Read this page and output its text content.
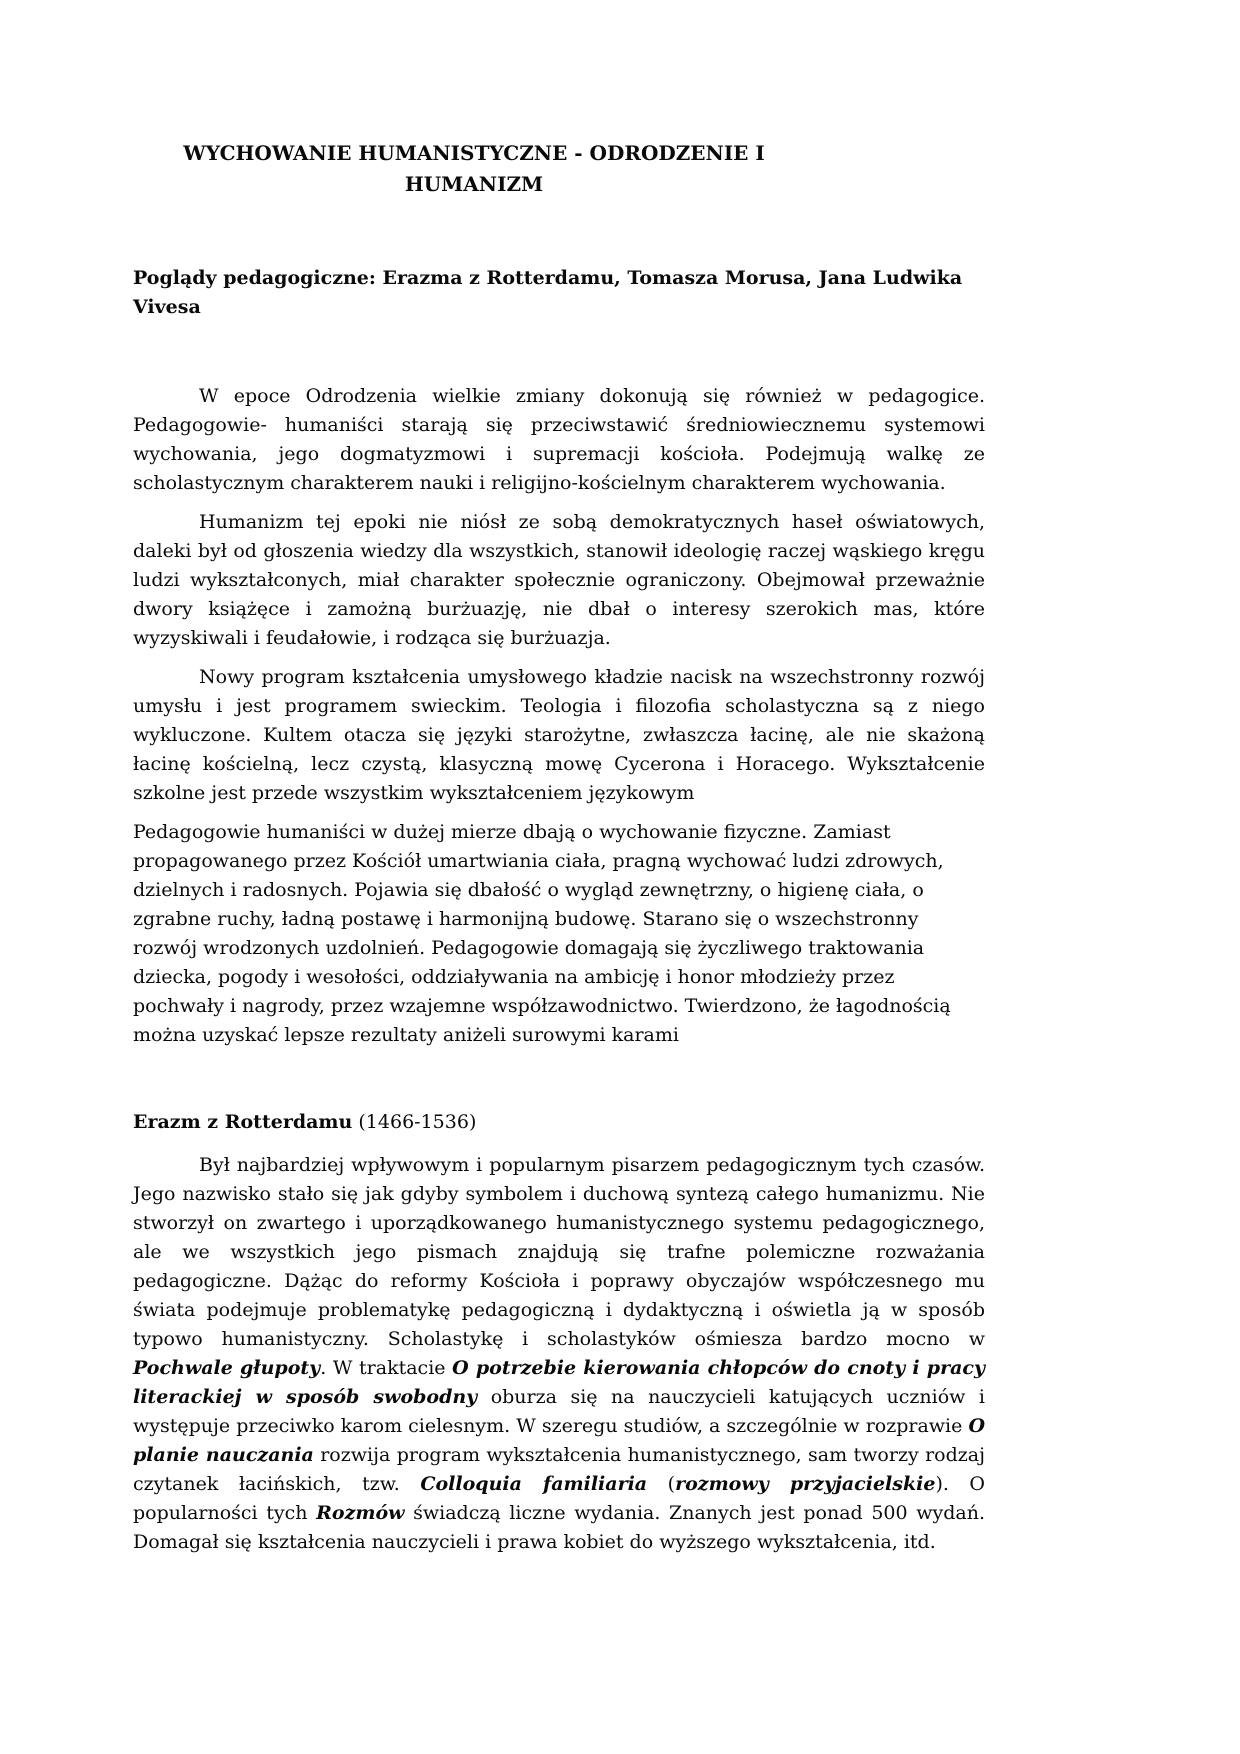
WYCHOWANIE HUMANISTYCZNE - ODRODZENIE I
HUMANIZM

Poglądy pedagogiczne: Erazma z Rotterdamu, Tomasza Morusa, Jana Ludwika Vivesa

W epoce Odrodzenia wielkie zmiany dokonują się również w pedagogice. Pedagogowie- humaniści starają się przeciwstawić średniowiecznemu systemowi wychowania, jego dogmatyzmowi i supremacji kościoła. Podejmują walkę ze scholastycznym charakterem nauki i religijno-kościelnym charakterem wychowania.

Humanizm tej epoki nie niósł ze sobą demokratycznych haseł oświatowych, daleki był od głoszenia wiedzy dla wszystkich, stanowił ideologię raczej wąskiego kręgu ludzi wykształconych, miał charakter społecznie ograniczony. Obejmował przeważnie dwory książęce i zamożną burżuazję, nie dbał o interesy szerokich mas, które wyzyskiwali i feudałowie, i rodząca się burżuazja.

Nowy program kształcenia umysłowego kładzie nacisk na wszechstronny rozwój umysłu i jest programem swieckim. Teologia i filozofia scholastyczna są z niego wykluczone. Kultem otacza się języki starożytne, zwłaszcza łacinę, ale nie skażoną łacinę kościelną, lecz czystą, klasyczną mowę Cycerona i Horacego. Wykształcenie szkolne jest przede wszystkim wykształceniem językowym

Pedagogowie humaniści w dużej mierze dbają o wychowanie fizyczne. Zamiast propagowanego przez Kościół umartwiania ciała, pragną wychować ludzi zdrowych, dzielnych i radosnych. Pojawia się dbałość o wygląd zewnętrzny, o higienę ciała, o zgrabne ruchy, ładną postawę i harmonijną budowę. Starano się o wszechstronny rozwój wrodzonych uzdolnień. Pedagogowie domagają się życzliwego traktowania dziecka, pogody i wesołości, oddziaływania na ambicję i honor młodzieży przez pochwały i nagrody, przez wzajemne współzawodnictwo. Twierdzono, że łagodnością można uzyskać lepsze rezultaty aniżeli surowymi karami

Erazm z Rotterdamu (1466-1536)

Był najbardziej wpływowym i popularnym pisarzem pedagogicznym tych czasów. Jego nazwisko stało się jak gdyby symbolem i duchową syntezą całego humanizmu. Nie stworzył on zwartego i uporządkowanego humanistycznego systemu pedagogicznego, ale we wszystkich jego pismach znajdują się trafne polemiczne rozważania pedagogiczne. Dążąc do reformy Kościoła i poprawy obyczajów współczesnego mu świata podejmuje problematykę pedagogiczną i dydaktyczną i oświetla ją w sposób typowo humanistyczny. Scholastykę i scholastyków ośmiesza bardzo mocno w Pochwale głupoty. W traktacie O potrzebie kierowania chłopców do cnoty i pracy literackiej w sposób swobodny oburza się na nauczycieli katujących uczniów i występuje przeciwko karom cielesnym. W szeregu studiów, a szczególnie w rozprawie O planie nauczania rozwija program wykształcenia humanistycznego, sam tworzy rodzaj czytanek łacińskich, tzw. Colloquia familiaria (rozmowy przyjacielskie). O popularności tych Rozmów świadczą liczne wydania. Znanych jest ponad 500 wydań. Domagał się kształcenia nauczycieli i prawa kobiet do wyższego wykształcenia, itd.
